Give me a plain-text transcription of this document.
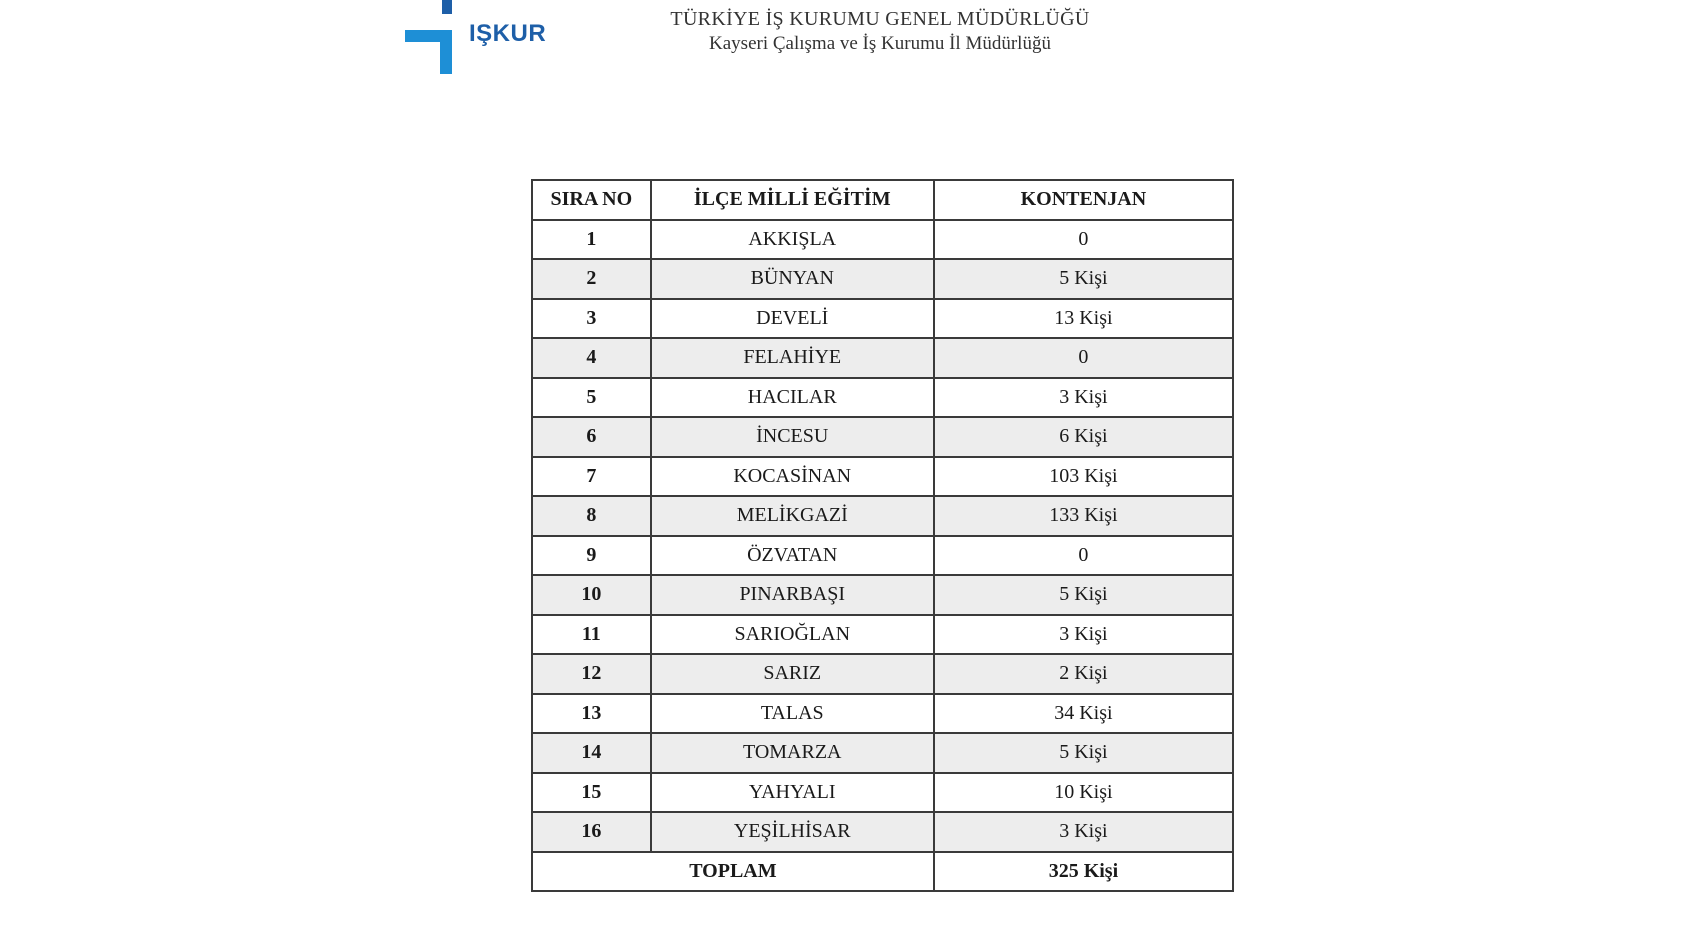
IŞKUR
TÜRKİYE İŞ KURUMU GENEL MÜDÜRLÜĞÜ
Kayseri Çalışma ve İş Kurumu İl Müdürlüğü
SIRA NO	İLÇE MİLLİ EĞİTİM	KONTENJAN
1	AKKIŞLA	0
2	BÜNYAN	5 Kişi
3	DEVELİ	13 Kişi
4	FELAHİYE	0
5	HACILAR	3 Kişi
6	İNCESU	6 Kişi
7	KOCASİNAN	103 Kişi
8	MELİKGAZİ	133 Kişi
9	ÖZVATAN	0
10	PINARBAŞI	5 Kişi
11	SARIOĞLAN	3 Kişi
12	SARIZ	2 Kişi
13	TALAS	34 Kişi
14	TOMARZA	5 Kişi
15	YAHYALI	10 Kişi
16	YEŞİLHİSAR	3 Kişi
TOPLAM		325 Kişi
